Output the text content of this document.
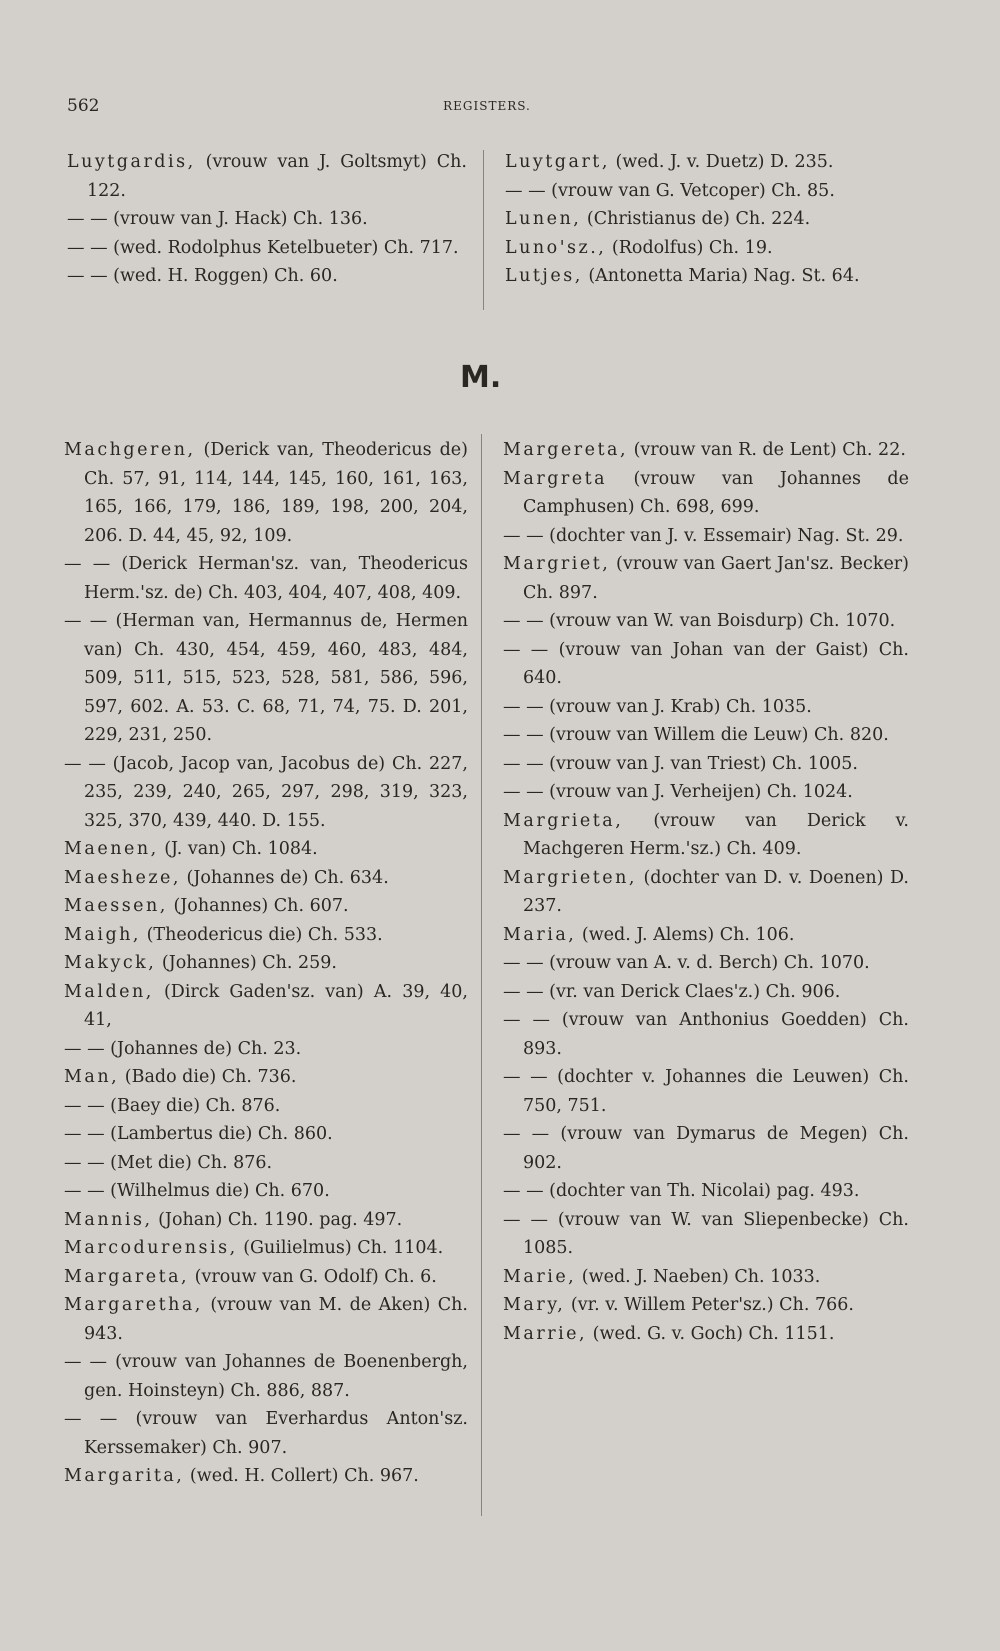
562	REGISTERS.

Luytgardis, (vrouw van J. Goltsmyt) Ch. 122.

— — (vrouw van J. Hack) Ch. 136.

— — (wed. Rodolphus Ketelbueter) Ch. 717.

— — (wed. H. Roggen) Ch. 60.

Luytgart, (wed. J. v. Duetz) D. 235.

— — (vrouw van G. Vetcoper) Ch. 85.

Lunen, (Christianus de) Ch. 224.

Luno'sz., (Rodolfus) Ch. 19.

Lutjes, (Antonetta Maria) Nag. St. 64.

M.

Machgeren, (Derick van, Theodericus de) Ch. 57, 91, 114, 144, 145, 160, 161, 163, 165, 166, 179, 186, 189, 198, 200, 204, 206. D. 44, 45, 92, 109.

— — (Derick Herman'sz. van, Theodericus Herm.'sz. de) Ch. 403, 404, 407, 408, 409.

— — (Herman van, Hermannus de, Hermen van) Ch. 430, 454, 459, 460, 483, 484, 509, 511, 515, 523, 528, 581, 586, 596, 597, 602. A. 53. C. 68, 71, 74, 75. D. 201, 229, 231, 250.

— — (Jacob, Jacop van, Jacobus de) Ch. 227, 235, 239, 240, 265, 297, 298, 319, 323, 325, 370, 439, 440. D. 155.

Maenen, (J. van) Ch. 1084.

Maesheze, (Johannes de) Ch. 634.

Maessen, (Johannes) Ch. 607.

Maigh, (Theodericus die) Ch. 533.

Makyck, (Johannes) Ch. 259.

Malden, (Dirck Gaden'sz. van) A. 39, 40, 41,

— — (Johannes de) Ch. 23.

Man, (Bado die) Ch. 736.

— — (Baey die) Ch. 876.

— — (Lambertus die) Ch. 860.

— — (Met die) Ch. 876.

— — (Wilhelmus die) Ch. 670.

Mannis, (Johan) Ch. 1190. pag. 497.

Marcodurensis, (Guilielmus) Ch. 1104.

Margareta, (vrouw van G. Odolf) Ch. 6.

Margaretha, (vrouw van M. de Aken) Ch. 943.

— — (vrouw van Johannes de Boenenbergh, gen. Hoinsteyn) Ch. 886, 887.

— — (vrouw van Everhardus Anton'sz. Kerssemaker) Ch. 907.

Margarita, (wed. H. Collert) Ch. 967.

Margereta, (vrouw van R. de Lent) Ch. 22.

Margreta (vrouw van Johannes de Camphusen) Ch. 698, 699.

— — (dochter van J. v. Essemair) Nag. St. 29.

Margriet, (vrouw van Gaert Jan'sz. Becker) Ch. 897.

— — (vrouw van W. van Boisdurp) Ch. 1070.

— — (vrouw van Johan van der Gaist) Ch. 640.

— — (vrouw van J. Krab) Ch. 1035.

— — (vrouw van Willem die Leuw) Ch. 820.

— — (vrouw van J. van Triest) Ch. 1005.

— — (vrouw van J. Verheijen) Ch. 1024.

Margrieta, (vrouw van Derick v. Machgeren Herm.'sz.) Ch. 409.

Margrieten, (dochter van D. v. Doenen) D. 237.

Maria, (wed. J. Alems) Ch. 106.

— — (vrouw van A. v. d. Berch) Ch. 1070.

— — (vr. van Derick Claes'z.) Ch. 906.

— — (vrouw van Anthonius Goedden) Ch. 893.

— — (dochter v. Johannes die Leuwen) Ch. 750, 751.

— — (vrouw van Dymarus de Megen) Ch. 902.

— — (dochter van Th. Nicolai) pag. 493.

— — (vrouw van W. van Sliepenbecke) Ch. 1085.

Marie, (wed. J. Naeben) Ch. 1033.

Mary, (vr. v. Willem Peter'sz.) Ch. 766.

Marrie, (wed. G. v. Goch) Ch. 1151.
